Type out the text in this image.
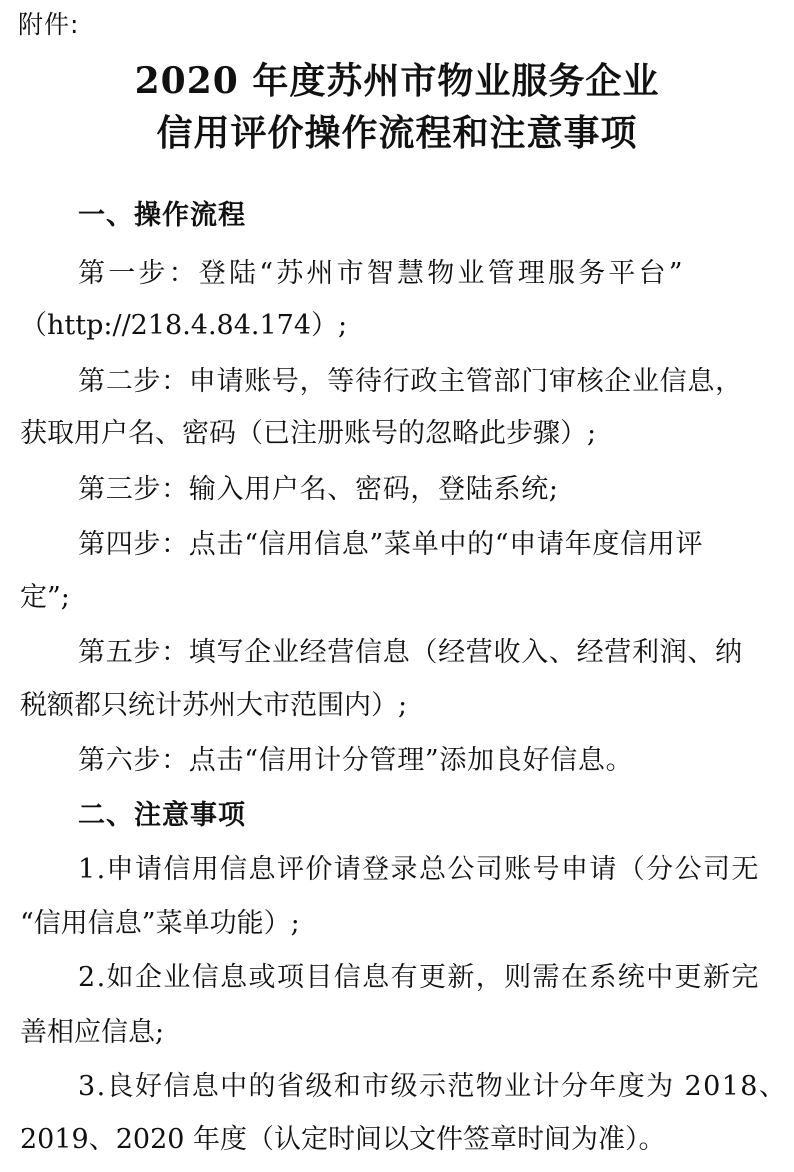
附件:
2020 年度苏州市物业服务企业
信用评价操作流程和注意事项
一、操作流程
第一步：登陆“苏州市智慧物业管理服务平台”
（http://218.4.84.174）;
第二步：申请账号，等待行政主管部门审核企业信息，
获取用户名、密码（已注册账号的忽略此步骤）;
第三步：输入用户名、密码，登陆系统;
第四步：点击“信用信息”菜单中的“申请年度信用评
定”;
第五步：填写企业经营信息（经营收入、经营利润、纳
税额都只统计苏州大市范围内）;
第六步：点击“信用计分管理”添加良好信息。
二、注意事项
1.申请信用信息评价请登录总公司账号申请（分公司无
“信用信息”菜单功能）;
2.如企业信息或项目信息有更新，则需在系统中更新完
善相应信息;
3.良好信息中的省级和市级示范物业计分年度为 2018、
2019、2020 年度（认定时间以文件签章时间为准）。
